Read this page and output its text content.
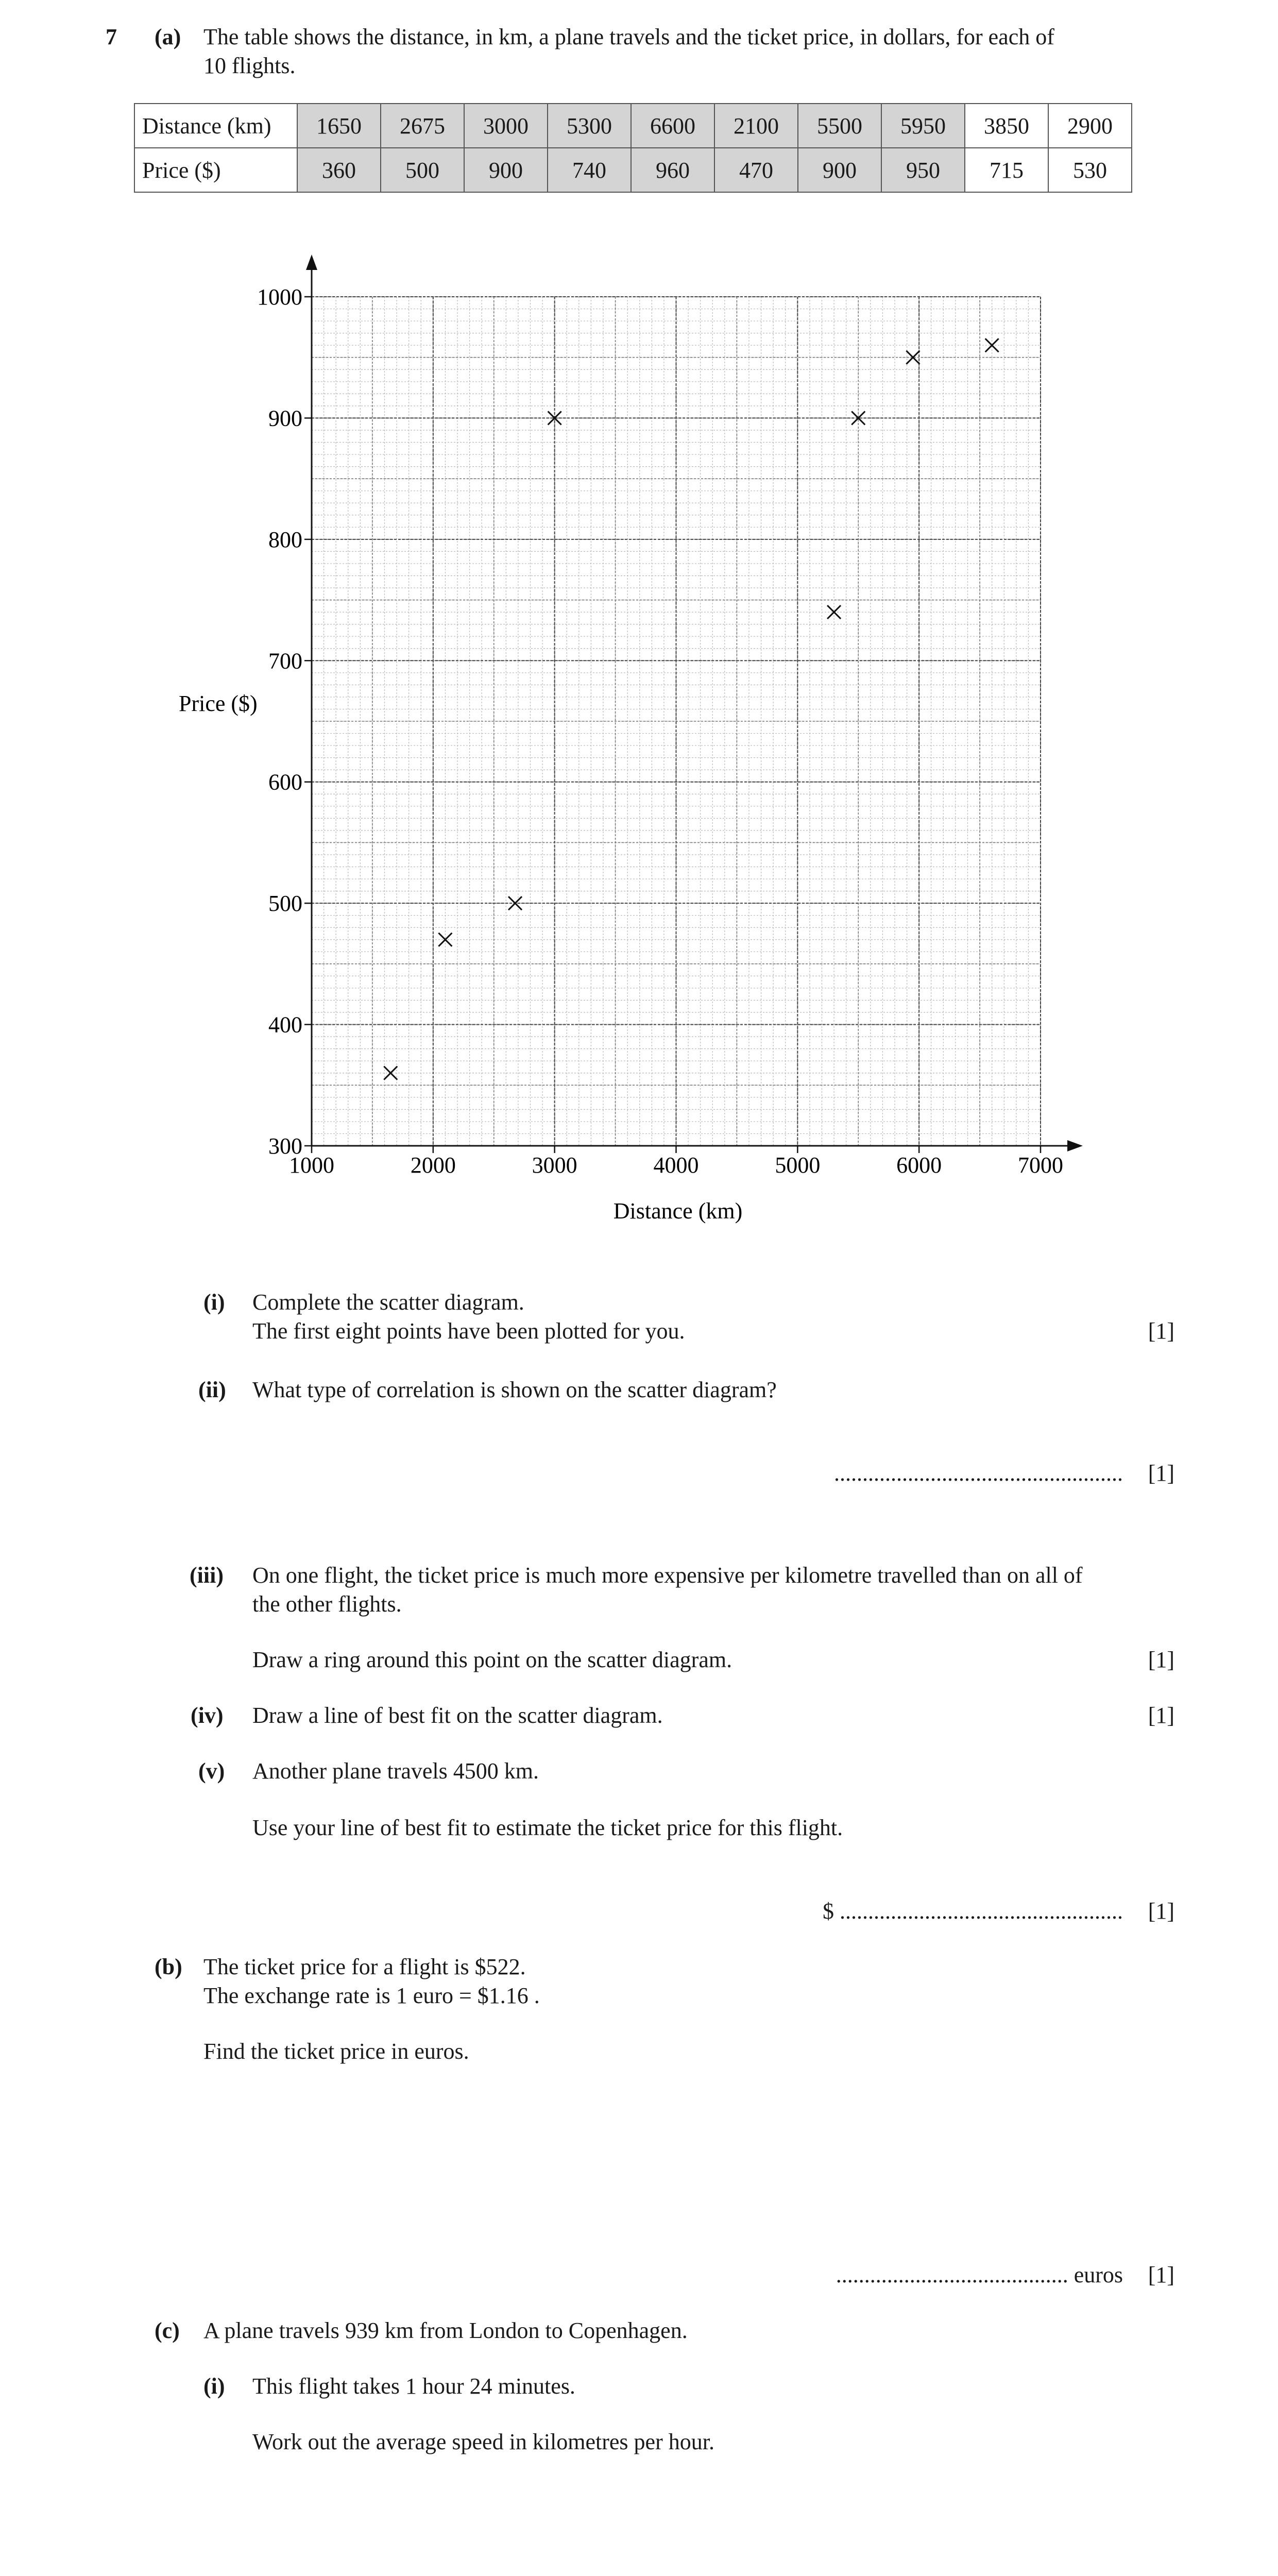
7 (a) The table shows the distance, in km, a plane travels and the ticket price, in dollars, for each of
10 flights.
Distance (km)	1650	2675	3000	5300	6600	2100	5500	5950	3850	2900
Price ($)	360	500	900	740	960	470	900	950	715	530
1000	2000	3000	4000	5000	6000	7000
300
400
500
600
700
800
900
1000
Distance (km)
Price ($)
(i) Complete the scatter diagram.
The first eight points have been plotted for you.	[1]
(ii) What type of correlation is shown on the scatter diagram?
...................................................	[1]
(iii) On one flight, the ticket price is much more expensive per kilometre travelled than on all of
the other flights.
Draw a ring around this point on the scatter diagram.	[1]
(iv) Draw a line of best fit on the scatter diagram.	[1]
(v) Another plane travels 4500 km.
Use your line of best fit to estimate the ticket price for this flight.
$ ..................................................	[1]
(b) The ticket price for a flight is $522.
The exchange rate is 1 euro = $1.16 .
Find the ticket price in euros.
......................................... euros	[1]
(c) A plane travels 939 km from London to Copenhagen.
(i) This flight takes 1 hour 24 minutes.
Work out the average speed in kilometres per hour.
